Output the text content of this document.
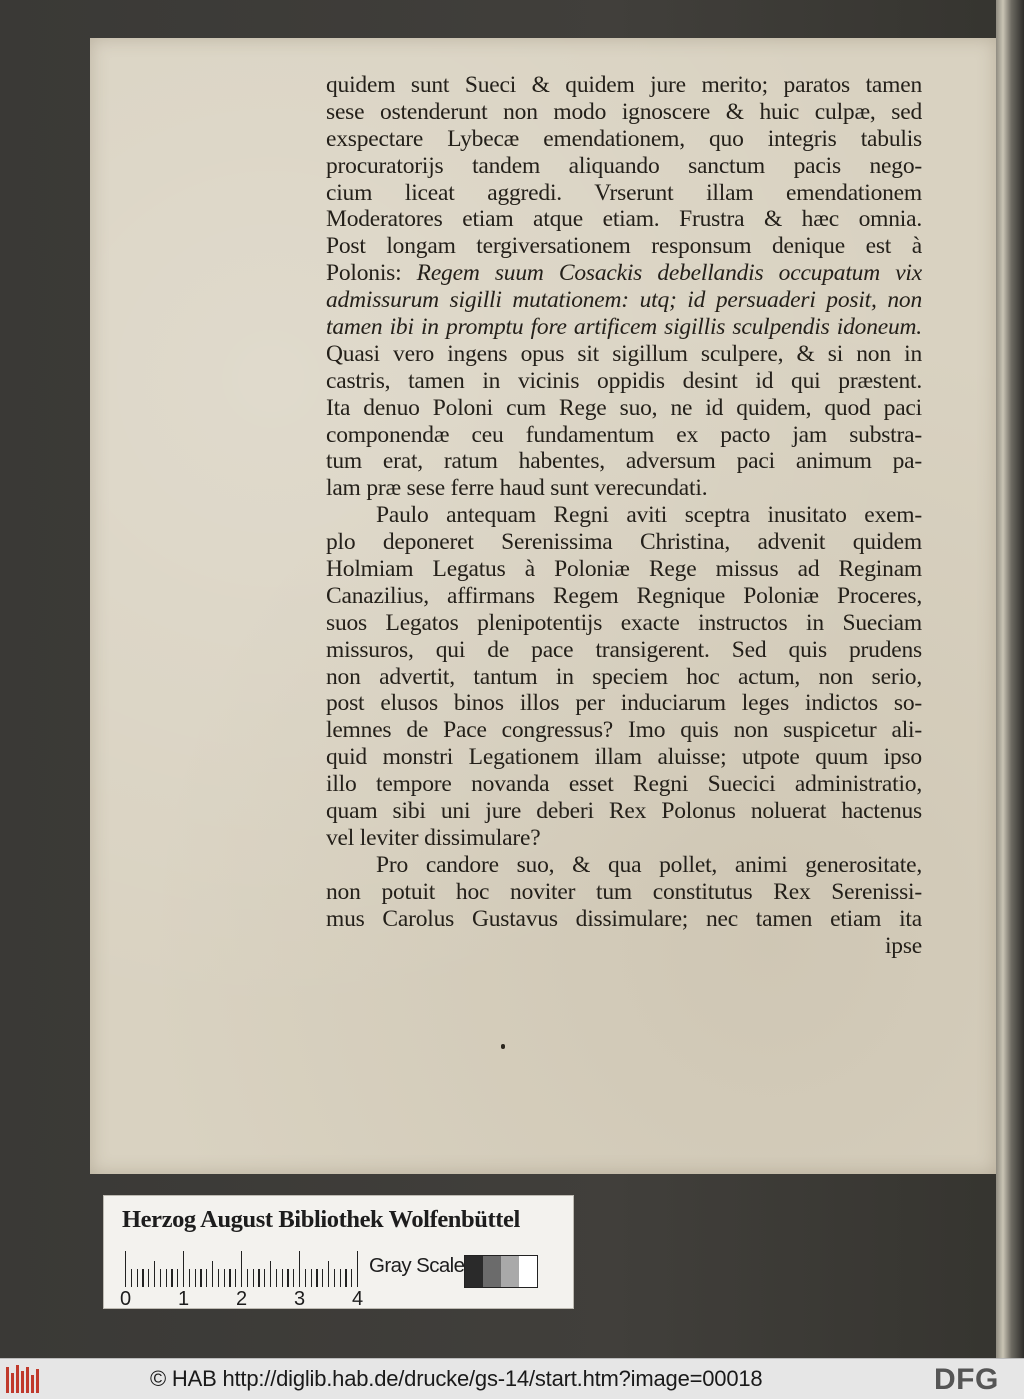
quidem sunt Sueci & quidem jure merito; paratos tamen
sese ostenderunt non modo ignoscere & huic culpæ, sed
exspectare Lybecæ emendationem, quo integris tabulis
procuratorijs tandem aliquando sanctum pacis nego-
cium liceat aggredi. Vrserunt illam emendationem
Moderatores etiam atque etiam. Frustra & hæc omnia.
Post longam tergiversationem responsum denique est à
Polonis: Regem suum Cosackis debellandis occupatum vix
admissurum sigilli mutationem: utq; id persuaderi posit, non
tamen ibi in promptu fore artificem sigillis sculpendis idoneum.
Quasi vero ingens opus sit sigillum sculpere, & si non in
castris, tamen in vicinis oppidis desint id qui præstent.
Ita denuo Poloni cum Rege suo, ne id quidem, quod paci
componendæ ceu fundamentum ex pacto jam substra-
tum erat, ratum habentes, adversum paci animum pa-
lam præ sese ferre haud sunt verecundati.
Paulo antequam Regni aviti sceptra inusitato exem-
plo deponeret Serenissima Christina, advenit quidem
Holmiam Legatus à Poloniæ Rege missus ad Reginam
Canazilius, affirmans Regem Regnique Poloniæ Proceres,
suos Legatos plenipotentijs exacte instructos in Sueciam
missuros, qui de pace transigerent. Sed quis prudens
non advertit, tantum in speciem hoc actum, non serio,
post elusos binos illos per induciarum leges indictos so-
lemnes de Pace congressus? Imo quis non suspicetur ali-
quid monstri Legationem illam aluisse; utpote quum ipso
illo tempore novanda esset Regni Suecici administratio,
quam sibi uni jure deberi Rex Polonus noluerat hactenus
vel leviter dissimulare?
Pro candore suo, & qua pollet, animi generositate,
non potuit hoc noviter tum constitutus Rex Serenissi-
mus Carolus Gustavus dissimulare; nec tamen etiam ita
ipse
Herzog August Bibliothek Wolfenbüttel
0 1 2 3 4
Gray Scale
© HAB http://diglib.hab.de/drucke/gs-14/start.htm?image=00018	DFG
